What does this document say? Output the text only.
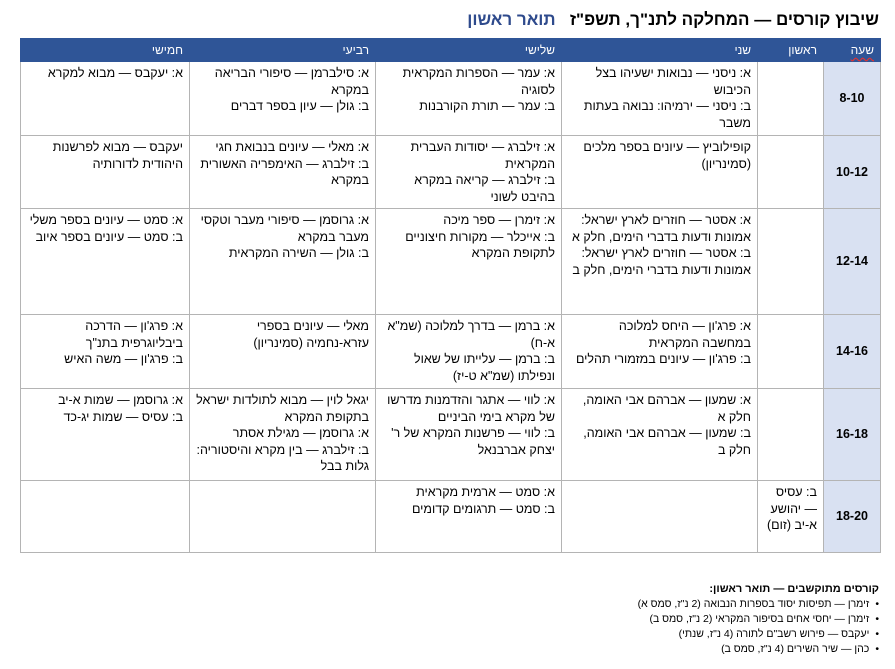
שיבוץ קורסים — המחלקה לתנ"ך, תשפ"ז   תואר ראשון
שעה	ראשון	שני	שלישי	רביעי	חמישי
8-10		א: ניסני — נבואות ישעיהו בצל הכיבוש
ב: ניסני — ירמיהו: נבואה בעתות משבר	א: עמר — הספרות המקראית לסוגיה
ב: עמר — תורת הקורבנות	א: סילברמן — סיפורי הבריאה במקרא
ב: גולן — עיון בספר דברים	א: יעקבס — מבוא למקרא

10-12		קופילוביץ — עיונים בספר מלכים (סמינריון)	א: זילברג — יסודות העברית המקראית
ב: זילברג — קריאה במקרא בהיבט לשוני	א: מאלי — עיונים בנבואת חגי
ב: זילברג — האימפריה האשורית במקרא	יעקבס — מבוא לפרשנות היהודית לדורותיה

12-14		א: אסטר — חוזרים לארץ ישראל: אמונות ודעות בדברי הימים, חלק א
ב: אסטר — חוזרים לארץ ישראל: אמונות ודעות בדברי הימים, חלק ב	א: זימרן — ספר מיכה
ב: אייכלר — מקורות חיצוניים לתקופת המקרא	א: גרוסמן — סיפורי מעבר וטקסי מעבר במקרא
ב: גולן — השירה המקראית	א: סמט — עיונים בספר משלי
ב: סמט — עיונים בספר איוב

14-16		א: פרג'ון — היחס למלוכה במחשבה המקראית
ב: פרג'ון — עיונים במזמורי תהלים	א: ברמן — בדרך למלוכה (שמ"א א-ח)
ב: ברמן — עלייתו של שאול ונפילתו (שמ"א ט-יז)	מאלי — עיונים בספרי עזרא-נחמיה (סמינריון)	א: פרג'ון — הדרכה ביבליוגרפית בתנ"ך
ב: פרג'ון — משה האיש

16-18		א: שמעון — אברהם אבי האומה, חלק א
ב: שמעון — אברהם אבי האומה, חלק ב	א: לווי — אתגר והזדמנות מדרשו של מקרא בימי הביניים
ב: לווי — פרשנות המקרא של ר' יצחק אברבנאל	יגאל לוין — מבוא לתולדות ישראל בתקופת המקרא
א: גרוסמן — מגילת אסתר
ב: זילברג — בין מקרא והיסטוריה: גלות בבל	א: גרוסמן — שמות א-יב
ב: עסיס — שמות יג-כד

18-20	ב: עסיס — יהושע א-יב (זום)		א: סמט — ארמית מקראית
ב: סמט — תרגומים קדומים		

קורסים מתוקשבים — תואר ראשון:
• זימרן — תפיסות יסוד בספרות הנבואה (2 נ"ז, סמס א)
• זימרן — יחסי אחים בסיפור המקראי (2 נ"ז, סמס ב)
• יעקבס — פירוש רשב"ם לתורה (4 נ"ז, שנתי)
• כהן — שיר השירים (4 נ"ז, סמס ב)
